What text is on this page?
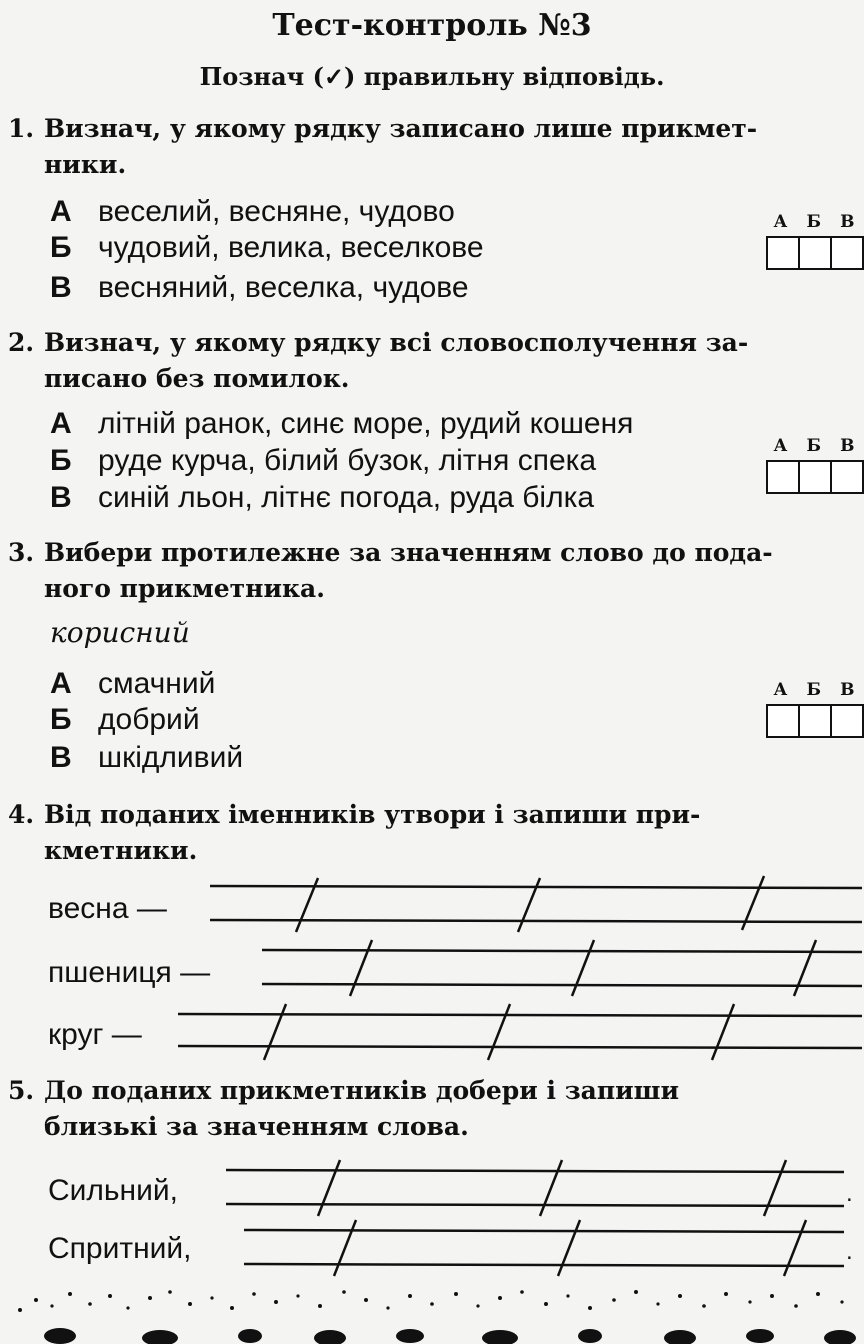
Тест-контроль №3
Познач (✓) правильну відповідь.
1. Визнач, у якому рядку записано лише прикмет-
ники.
А веселий, весняне, чудово
Б чудовий, велика, веселкове
В весняний, веселка, чудове
А Б В
2. Визнач, у якому рядку всі словосполучення за-
писано без помилок.
А літній ранок, синє море, рудий кошеня
Б руде курча, білий бузок, літня спека
В синій льон, літнє погода, руда білка
А Б В
3. Вибери протилежне за значенням слово до пода-
ного прикметника.
корисний
А смачний
Б добрий
В шкідливий
А Б В
4. Від поданих іменників утвори і запиши при-
кметники.
весна —
пшениця —
круг —
5. До поданих прикметників добери і запиши
близькі за значенням слова.
Сильний,
Спритний,
.
.
